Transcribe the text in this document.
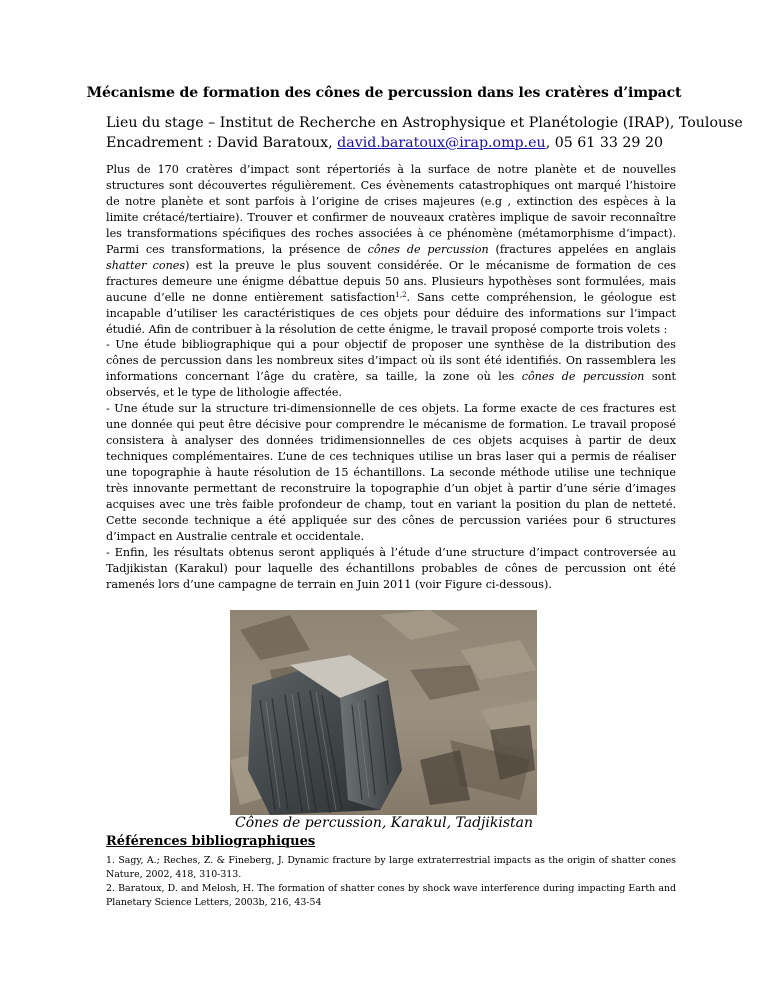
Mécanisme de formation des cônes de percussion dans les cratères d’impact
Lieu du stage – Institut de Recherche en Astrophysique et Planétologie (IRAP), Toulouse
Encadrement : David Baratoux, david.baratoux@irap.omp.eu, 05 61 33 29 20

Plus de 170 cratères d’impact sont répertoriés à la surface de notre planète et de nouvelles structures sont découvertes régulièrement. Ces évènements catastrophiques ont marqué l’histoire de notre planète et sont parfois à l’origine de crises majeures (e.g , extinction des espèces à la limite crétacé/tertiaire). Trouver et confirmer de nouveaux cratères implique de savoir reconnaître les transformations spécifiques des roches associées à ce phénomène (métamorphisme d’impact). Parmi ces transformations, la présence de cônes de percussion (fractures appelées en anglais shatter cones) est la preuve le plus souvent considérée. Or le mécanisme de formation de ces fractures demeure une énigme débattue depuis 50 ans. Plusieurs hypothèses sont formulées, mais aucune d’elle ne donne entièrement satisfaction$^{1,2}$. Sans cette compréhension, le géologue est incapable d’utiliser les caractéristiques de ces objets pour déduire des informations sur l’impact étudié. Afin de contribuer à la résolution de cette énigme, le travail proposé comporte trois volets :

- Une étude bibliographique qui a pour objectif de proposer une synthèse de la distribution des cônes de percussion dans les nombreux sites d’impact où ils sont été identifiés. On rassemblera les informations concernant l’âge du cratère, sa taille, la zone où les cônes de percussion sont observés, et le type de lithologie affectée.

- Une étude sur la structure tri-dimensionnelle de ces objets. La forme exacte de ces fractures est une donnée qui peut être décisive pour comprendre le mécanisme de formation. Le travail proposé consistera à analyser des données tridimensionnelles de ces objets acquises à partir de deux techniques complémentaires. L’une de ces techniques utilise un bras laser qui a permis de réaliser une topographie à haute résolution de 15 échantillons. La seconde méthode utilise une technique très innovante permettant de reconstruire la topographie d’un objet à partir d’une série d’images acquises avec une très faible profondeur de champ, tout en variant la position du plan de netteté. Cette seconde technique a été appliquée sur des cônes de percussion variées pour 6 structures d’impact en Australie centrale et occidentale.

- Enfin, les résultats obtenus seront appliqués à l’étude d’une structure d’impact controversée au Tadjikistan (Karakul) pour laquelle des échantillons probables de cônes de percussion ont été ramenés lors d’une campagne de terrain en Juin 2011 (voir Figure ci-dessous).

Cônes de percussion, Karakul, Tadjikistan
Références bibliographiques

1. Sagy, A.; Reches, Z. & Fineberg, J. Dynamic fracture by large extraterrestrial impacts as the origin of shatter cones Nature, 2002, 418, 310-313.

2. Baratoux, D. and Melosh, H. The formation of shatter cones by shock wave interference during impacting Earth and Planetary Science Letters, 2003b, 216, 43-54
